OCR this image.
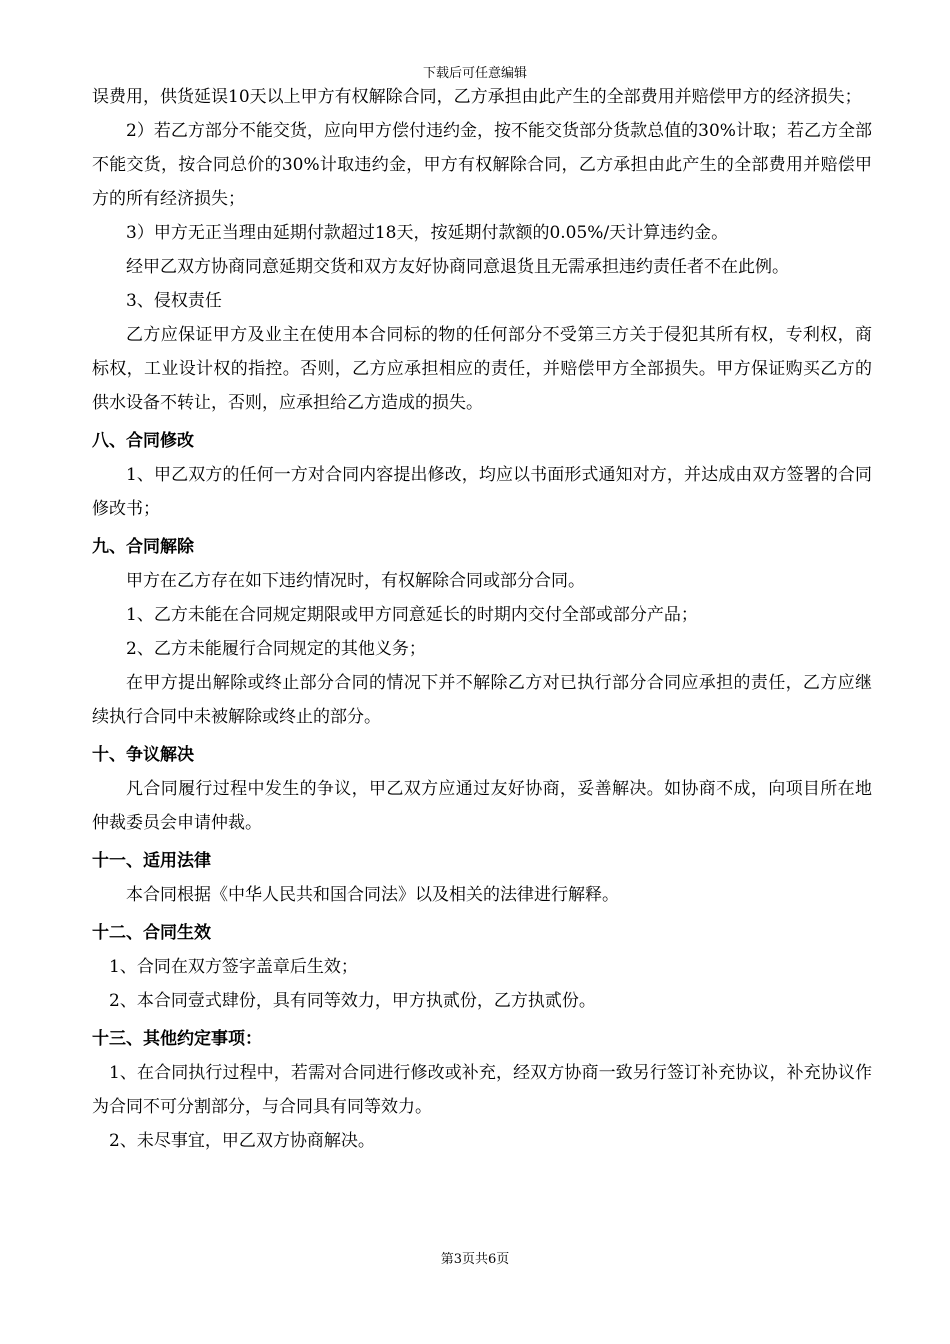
下载后可任意编辑

误费用，供货延误10天以上甲方有权解除合同，乙方承担由此产生的全部费用并赔偿甲方的经济损失；

2）若乙方部分不能交货，应向甲方偿付违约金，按不能交货部分货款总值的30%计取；若乙方全部不能交货，按合同总价的30%计取违约金，甲方有权解除合同，乙方承担由此产生的全部费用并赔偿甲方的所有经济损失；

3）甲方无正当理由延期付款超过18天，按延期付款额的0.05%/天计算违约金。

经甲乙双方协商同意延期交货和双方友好协商同意退货且无需承担违约责任者不在此例。

3、侵权责任

乙方应保证甲方及业主在使用本合同标的物的任何部分不受第三方关于侵犯其所有权，专利权，商标权，工业设计权的指控。否则，乙方应承担相应的责任，并赔偿甲方全部损失。甲方保证购买乙方的供水设备不转让，否则，应承担给乙方造成的损失。

八、合同修改

1、甲乙双方的任何一方对合同内容提出修改，均应以书面形式通知对方，并达成由双方签署的合同修改书；

九、合同解除

甲方在乙方存在如下违约情况时，有权解除合同或部分合同。

1、乙方未能在合同规定期限或甲方同意延长的时期内交付全部或部分产品；

2、乙方未能履行合同规定的其他义务；

在甲方提出解除或终止部分合同的情况下并不解除乙方对已执行部分合同应承担的责任，乙方应继续执行合同中未被解除或终止的部分。

十、争议解决

凡合同履行过程中发生的争议，甲乙双方应通过友好协商，妥善解决。如协商不成，向项目所在地仲裁委员会申请仲裁。

十一、适用法律

本合同根据《中华人民共和国合同法》以及相关的法律进行解释。

十二、合同生效

1、合同在双方签字盖章后生效；

2、本合同壹式肆份，具有同等效力，甲方执贰份，乙方执贰份。

十三、其他约定事项：

1、在合同执行过程中，若需对合同进行修改或补充，经双方协商一致另行签订补充协议，补充协议作为合同不可分割部分，与合同具有同等效力。

2、未尽事宜，甲乙双方协商解决。

第3页共6页
